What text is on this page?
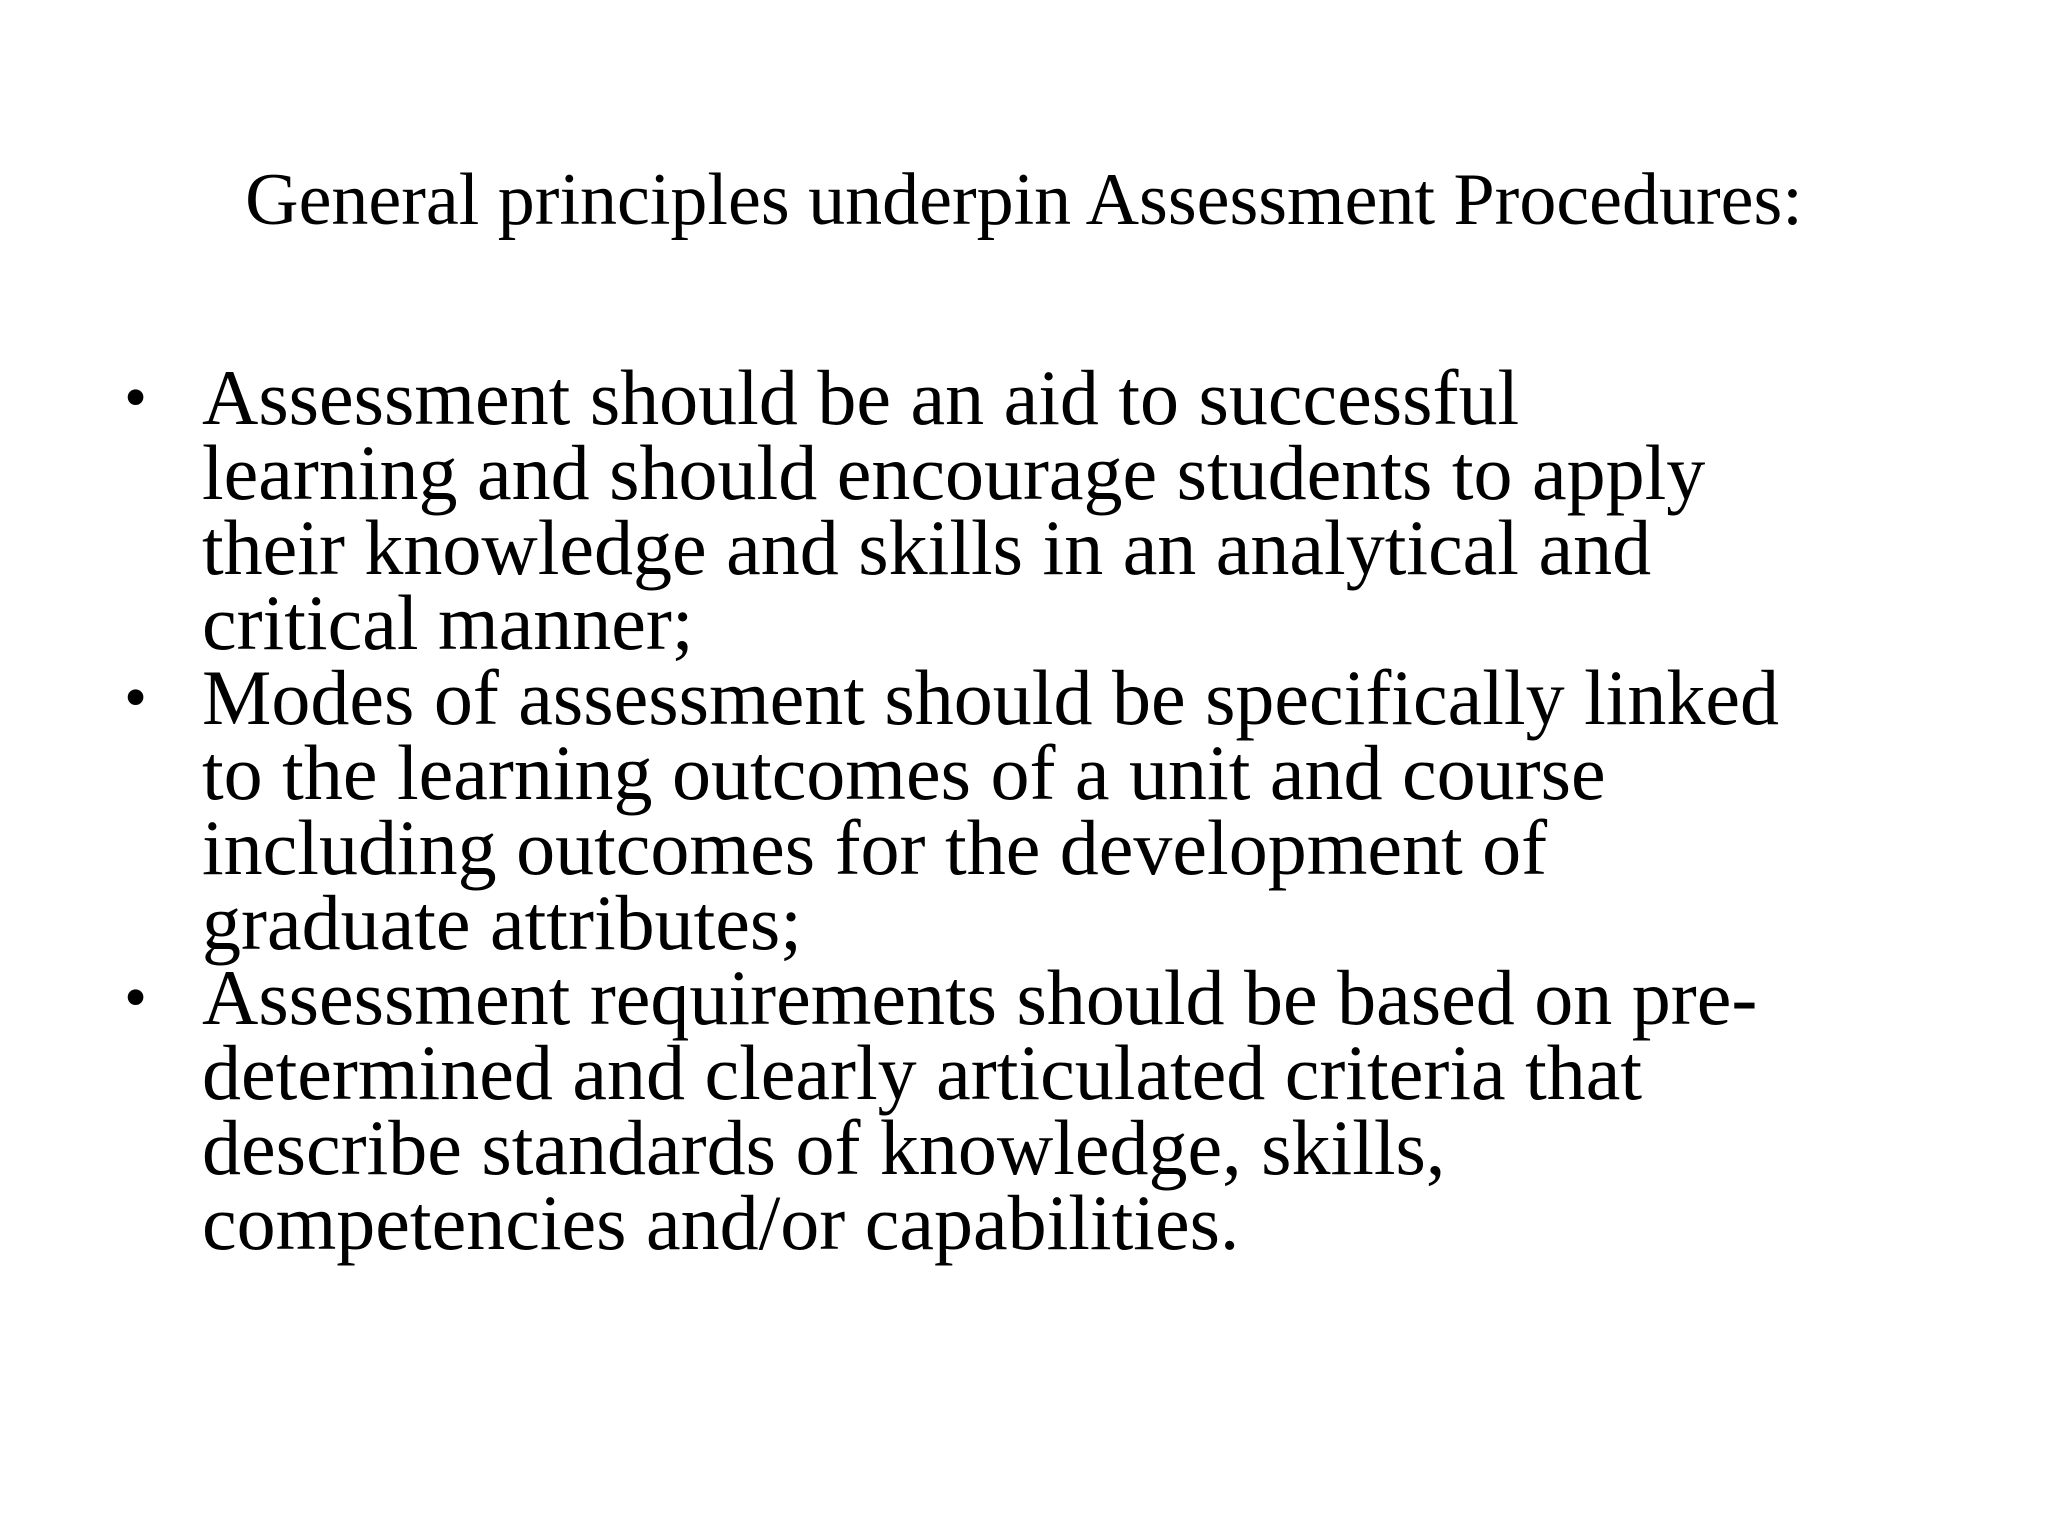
General principles underpin Assessment Procedures:
• Assessment should be an aid to successful
learning and should encourage students to apply
their knowledge and skills in an analytical and
critical manner;
• Modes of assessment should be specifically linked
to the learning outcomes of a unit and course
including outcomes for the development of
graduate attributes;
• Assessment requirements should be based on pre-
determined and clearly articulated criteria that
describe standards of knowledge, skills,
competencies and/or capabilities.
